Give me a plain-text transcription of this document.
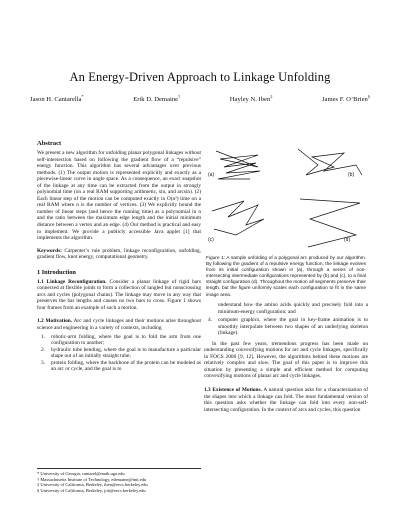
An Energy-Driven Approach to Linkage Unfolding
Jason H. Cantarella*	Erik D. Demaine†	Hayley N. Iben‡	James F. O’Brien§
Abstract

We present a new algorithm for unfolding planar polygonal linkages without self-intersection based on following the gradient flow of a “repulsive” energy function. This algorithm has several advantages over previous methods. (1) The output motion is represented explicitly and exactly as a piecewise-linear curve in angle space. As a consequence, an exact snapshot of the linkage at any time can be extracted from the output in strongly polynomial time (on a real RAM supporting arithmetic, sin, and arcsin). (2) Each linear step of the motion can be computed exactly in O(n²) time on a real RAM where n is the number of vertices. (3) We explicitly bound the number of linear steps (and hence the running time) as a polynomial in n and the ratio between the maximum edge length and the initial minimum distance between a vertex and an edge. (4) Our method is practical and easy to implement. We provide a publicly accessible Java applet [1] that implements the algorithm.

Keywords: Carpenter’s rule problem, linkage reconfiguration, unfolding, gradient flow, knot energy, computational geometry.

1 Introduction

1.1 Linkage Reconfiguration. Consider a planar linkage of rigid bars connected at flexible joints to form a collection of tangled but nonscrossing arcs and cycles (polygonal chains). The linkage may move in any way that preserves the bar lengths and causes no two bars to cross. Figure 1 shows four frames from an example of such a motion.

1.2 Motivation. Arc and cycle linkages and their motions arise throughout science and engineering in a variety of contexts, including

1.	robotic-arm folding, where the goal is to fold the arm from one configuration to another;
2.	hydraulic tube bending, where the goal is to manufacture a particular shape out of an initially straight tube;
3.	protein folding, where the backbone of the protein can be modeled as an arc or cycle, and the goal is to
* University of Georgia, cantarel@math.uga.edu
† Massachusetts Institute of Technology, edemaine@mit.edu
‡ University of California, Berkeley, iben@eecs.berkeley.edu
§ University of California, Berkeley, job@eecs.berkeley.edu
(a)	(b)
(c)	(d)

Figure 1: A sample unfolding of a polygonal arc produced by our algorithm. By following the gradient of a repulsive energy function, the linkage evolves from its initial configuration shown in (a), through a series of non-intersecting intermediate configurations represented by (b) and (c), to a final straight configuration (d). Throughout the motion all segments preserve their length, but the figure uniformly scales each configuration to fit in the same image area.

understand how the amino acids quickly and precisely fold into a minimum-energy configuration; and

4.	computer graphics, where the goal in key-frame animation is to smoothly interpolate between two shapes of an underlying skeleton (linkage).

In the past few years, tremendous progress has been made on understanding convexifying motions for arc and cycle linkages, specifically in FOCS 2000 [9, 12]. However, the algorithms behind these motions are relatively complex and slow. The goal of this paper is to improve this situation by presenting a simple and efficient method for computing convexifying motions of planar arc and cycle linkages.

1.3 Existence of Motions. A natural question asks for a characterization of the shapes into which a linkage can fold. The most fundamental version of this question asks whether the linkage can fold into every non-self-intersecting configuration. In the context of arcs and cycles, this question
